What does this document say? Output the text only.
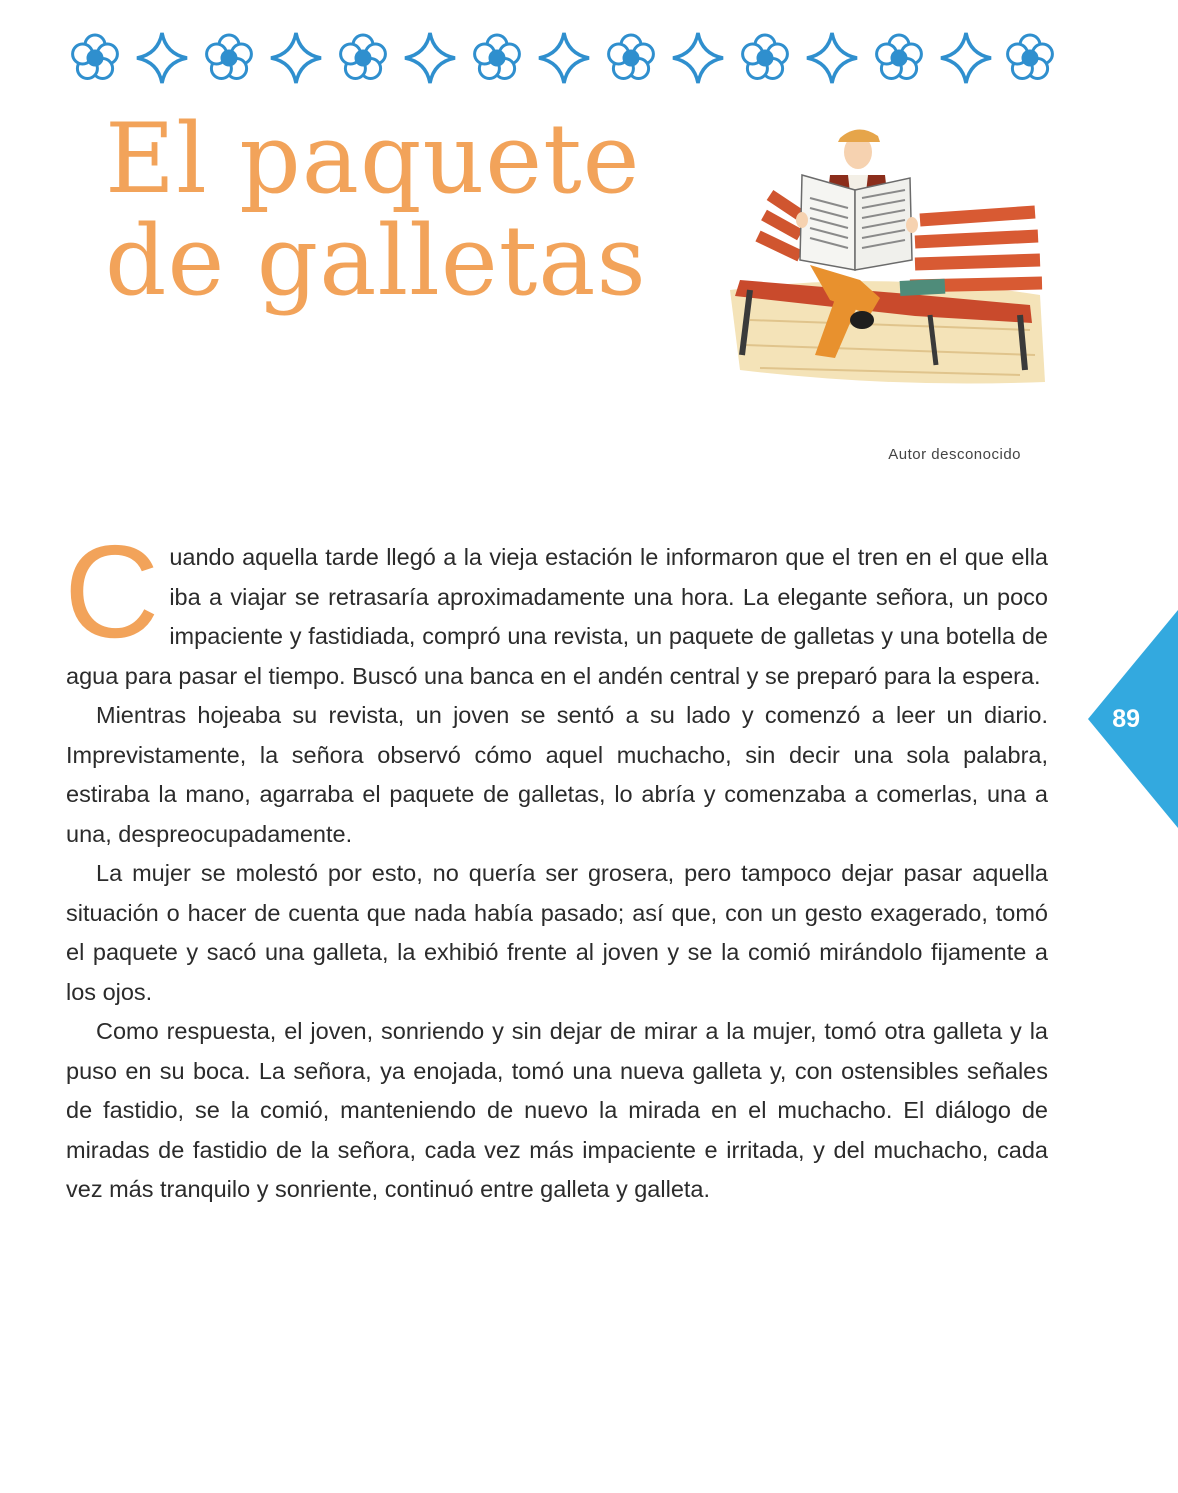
El paquete
de galletas
Autor desconocido

Cuando aquella tarde llegó a la vieja estación le informaron que el tren en el que ella iba a viajar se retrasaría aproximadamente una hora. La elegante señora, un poco impaciente y fastidiada, compró una revista, un paquete de galletas y una botella de agua para pasar el tiempo. Buscó una banca en el andén central y se preparó para la espera.

Mientras hojeaba su revista, un joven se sentó a su lado y comenzó a leer un diario. Imprevistamente, la señora observó cómo aquel muchacho, sin decir una sola palabra, estiraba la mano, agarraba el paquete de galletas, lo abría y comenzaba a comerlas, una a una, despreocupadamente.

La mujer se molestó por esto, no quería ser grosera, pero tampoco dejar pasar aquella situación o hacer de cuenta que nada había pasado; así que, con un gesto exagerado, tomó el paquete y sacó una galleta, la exhibió frente al joven y se la comió mirándolo fijamente a los ojos.

Como respuesta, el joven, sonriendo y sin dejar de mirar a la mujer, tomó otra galleta y la puso en su boca. La señora, ya enojada, tomó una nueva galleta y, con ostensibles señales de fastidio, se la comió, manteniendo de nuevo la mirada en el muchacho. El diálogo de miradas de fastidio de la señora, cada vez más impaciente e irritada, y del muchacho, cada vez más tranquilo y sonriente, continuó entre galleta y galleta.

89
